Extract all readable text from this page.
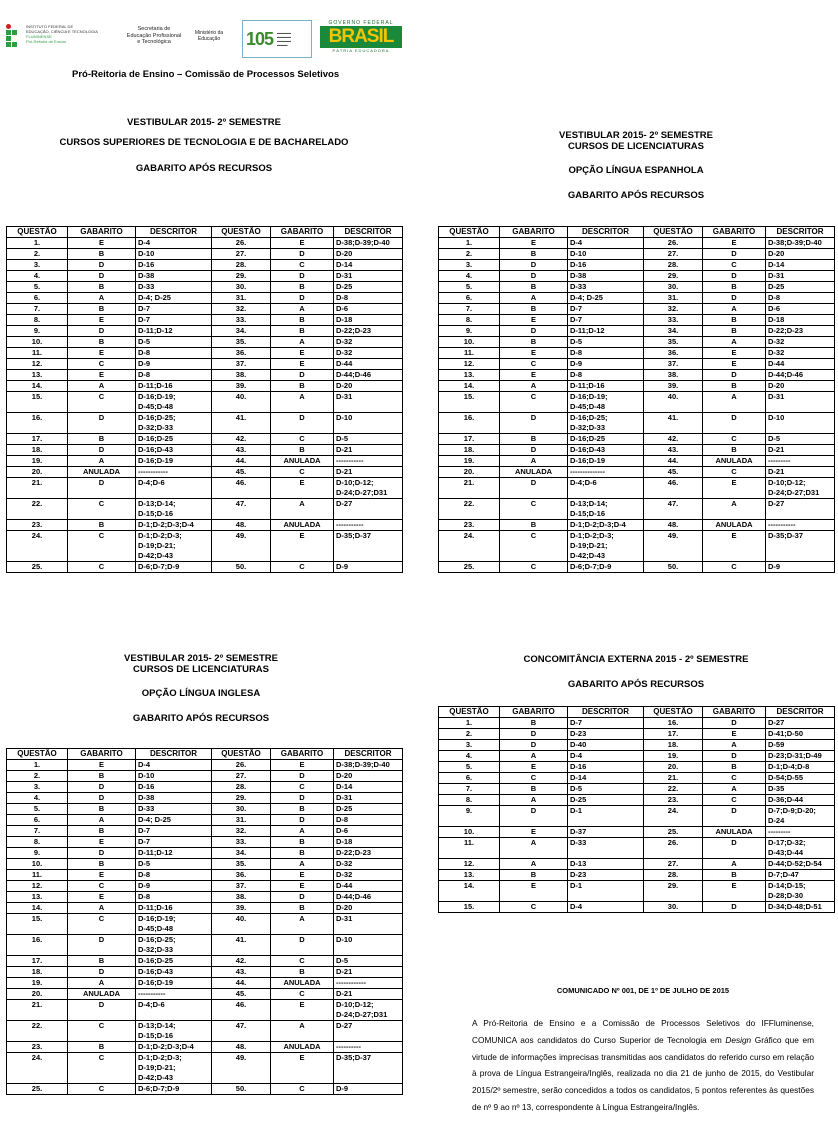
INSTITUTO FEDERAL DE
EDUCAÇÃO, CIÊNCIA E TECNOLOGIA
FLUMINENSE
Pró-Reitoria de Ensino
Secretaria de
Educação Profissional
e Tecnológica
Ministério da
Educação	105 ▬▬▬▬
▬▬▬▬
▬▬▬▬
▬▬▬
GOVERNO FEDERAL
BRASIL
PÁTRIA EDUCADORA
Pró-Reitoria de Ensino – Comissão de Processos Seletivos

VESTIBULAR 2015- 2º SEMESTRE

CURSOS SUPERIORES DE TECNOLOGIA E DE BACHARELADO

GABARITO APÓS RECURSOS

VESTIBULAR 2015- 2º SEMESTRE

CURSOS DE LICENCIATURAS

OPÇÃO LÍNGUA ESPANHOLA

GABARITO APÓS RECURSOS

VESTIBULAR 2015- 2º SEMESTRE

CURSOS DE LICENCIATURAS

OPÇÃO LÍNGUA INGLESA

GABARITO APÓS RECURSOS

CONCOMITÂNCIA EXTERNA 2015 - 2º SEMESTRE

GABARITO APÓS RECURSOS

QUESTÃO	GABARITO	DESCRITOR	QUESTÃO	GABARITO	DESCRITOR
1.	E	D-4	26.	E	D-38;D-39;D-40

2.	B	D-10	27.	D	D-20

3.	D	D-16	28.	C	D-14

4.	D	D-38	29.	D	D-31

5.	B	D-33	30.	B	D-25

6.	A	D-4; D-25	31.	D	D-8

7.	B	D-7	32.	A	D-6

8.	E	D-7	33.	B	D-18

9.	D	D-11;D-12	34.	B	D-22;D-23

10.	B	D-5	35.	A	D-32

11.	E	D-8	36.	E	D-32

12.	C	D-9	37.	E	D-44

13.	E	D-8	38.	D	D-44;D-46

14.	A	D-11;D-16	39.	B	D-20

15.	C	D-16;D-19;
D-45;D-48	40.	A	D-31

16.	D	D-16;D-25;
D-32;D-33	41.	D	D-10

17.	B	D-16;D-25	42.	C	D-5

18.	D	D-16;D-43	43.	B	D-21

19.	A	D-16;D-19	44.	ANULADA	-----------

20.	ANULADA	------------	45.	C	D-21

21.	D	D-4;D-6	46.	E	D-10;D-12;
D-24;D-27;D31

22.	C	D-13;D-14;
D-15;D-16	47.	A	D-27

23.	B	D-1;D-2;D-3;D-4	48.	ANULADA	-----------

24.	C	D-1;D-2;D-3;
D-19;D-21;
D-42;D-43	49.	E	D-35;D-37

25.	C	D-6;D-7;D-9	50.	C	D-9
QUESTÃO	GABARITO	DESCRITOR	QUESTÃO	GABARITO	DESCRITOR
1.	E	D-4	26.	E	D-38;D-39;D-40

2.	B	D-10	27.	D	D-20

3.	D	D-16	28.	C	D-14

4.	D	D-38	29.	D	D-31

5.	B	D-33	30.	B	D-25

6.	A	D-4; D-25	31.	D	D-8

7.	B	D-7	32.	A	D-6

8.	E	D-7	33.	B	D-18

9.	D	D-11;D-12	34.	B	D-22;D-23

10.	B	D-5	35.	A	D-32

11.	E	D-8	36.	E	D-32

12.	C	D-9	37.	E	D-44

13.	E	D-8	38.	D	D-44;D-46

14.	A	D-11;D-16	39.	B	D-20

15.	C	D-16;D-19;
D-45;D-48	40.	A	D-31

16.	D	D-16;D-25;
D-32;D-33	41.	D	D-10

17.	B	D-16;D-25	42.	C	D-5

18.	D	D-16;D-43	43.	B	D-21

19.	A	D-16;D-19	44.	ANULADA	---------

20.	ANULADA	--------------	45.	C	D-21

21.	D	D-4;D-6	46.	E	D-10;D-12;
D-24;D-27;D31

22.	C	D-13;D-14;
D-15;D-16	47.	A	D-27

23.	B	D-1;D-2;D-3;D-4	48.	ANULADA	-----------

24.	C	D-1;D-2;D-3;
D-19;D-21;
D-42;D-43	49.	E	D-35;D-37

25.	C	D-6;D-7;D-9	50.	C	D-9
QUESTÃO	GABARITO	DESCRITOR	QUESTÃO	GABARITO	DESCRITOR
1.	E	D-4	26.	E	D-38;D-39;D-40

2.	B	D-10	27.	D	D-20

3.	D	D-16	28.	C	D-14

4.	D	D-38	29.	D	D-31

5.	B	D-33	30.	B	D-25

6.	A	D-4; D-25	31.	D	D-8

7.	B	D-7	32.	A	D-6

8.	E	D-7	33.	B	D-18

9.	D	D-11;D-12	34.	B	D-22;D-23

10.	B	D-5	35.	A	D-32

11.	E	D-8	36.	E	D-32

12.	C	D-9	37.	E	D-44

13.	E	D-8	38.	D	D-44;D-46

14.	A	D-11;D-16	39.	B	D-20

15.	C	D-16;D-19;
D-45;D-48	40.	A	D-31

16.	D	D-16;D-25;
D-32;D-33	41.	D	D-10

17.	B	D-16;D-25	42.	C	D-5

18.	D	D-16;D-43	43.	B	D-21

19.	A	D-16;D-19	44.	ANULADA	------------

20.	ANULADA	-----------	45.	C	D-21

21.	D	D-4;D-6	46.	E	D-10;D-12;
D-24;D-27;D31

22.	C	D-13;D-14;
D-15;D-16	47.	A	D-27

23.	B	D-1;D-2;D-3;D-4	48.	ANULADA	----------

24.	C	D-1;D-2;D-3;
D-19;D-21;
D-42;D-43	49.	E	D-35;D-37

25.	C	D-6;D-7;D-9	50.	C	D-9
QUESTÃO	GABARITO	DESCRITOR	QUESTÃO	GABARITO	DESCRITOR
1.	B	D-7	16.	D	D-27

2.	D	D-23	17.	E	D-41;D-50

3.	D	D-40	18.	A	D-59

4.	A	D-4	19.	D	D-23;D-31;D-49

5.	E	D-16	20.	B	D-1;D-4;D-8

6.	C	D-14	21.	C	D-54;D-55

7.	B	D-5	22.	A	D-35

8.	A	D-25	23.	C	D-36;D-44

9.	D	D-1	24.	D	D-7;D-9;D-20;
D-24

10.	E	D-37	25.	ANULADA	---------

11.	A	D-33	26.	D	D-17;D-32;
D-43;D-44

12.	A	D-13	27.	A	D-44;D-52;D-54

13.	B	D-23	28.	B	D-7;D-47

14.	E	D-1	29.	E	D-14;D-15;
D-28;D-30

15.	C	D-4	30.	D	D-34;D-48;D-51
COMUNICADO Nº 001, DE 1º DE JULHO DE 2015

A Pró-Reitoria de Ensino e a Comissão de Processos Seletivos do IFFluminense, COMUNICA aos candidatos do Curso Superior de Tecnologia em Design Gráfico que em virtude de informações imprecisas transmitidas aos candidatos do referido curso em relação à prova de Língua Estrangeira/Inglês, realizada no dia 21 de junho de 2015, do Vestibular 2015/2º semestre, serão concedidos a todos os candidatos, 5 pontos referentes às questões de nº 9 ao nº 13, correspondente à Língua Estrangeira/Inglês.
